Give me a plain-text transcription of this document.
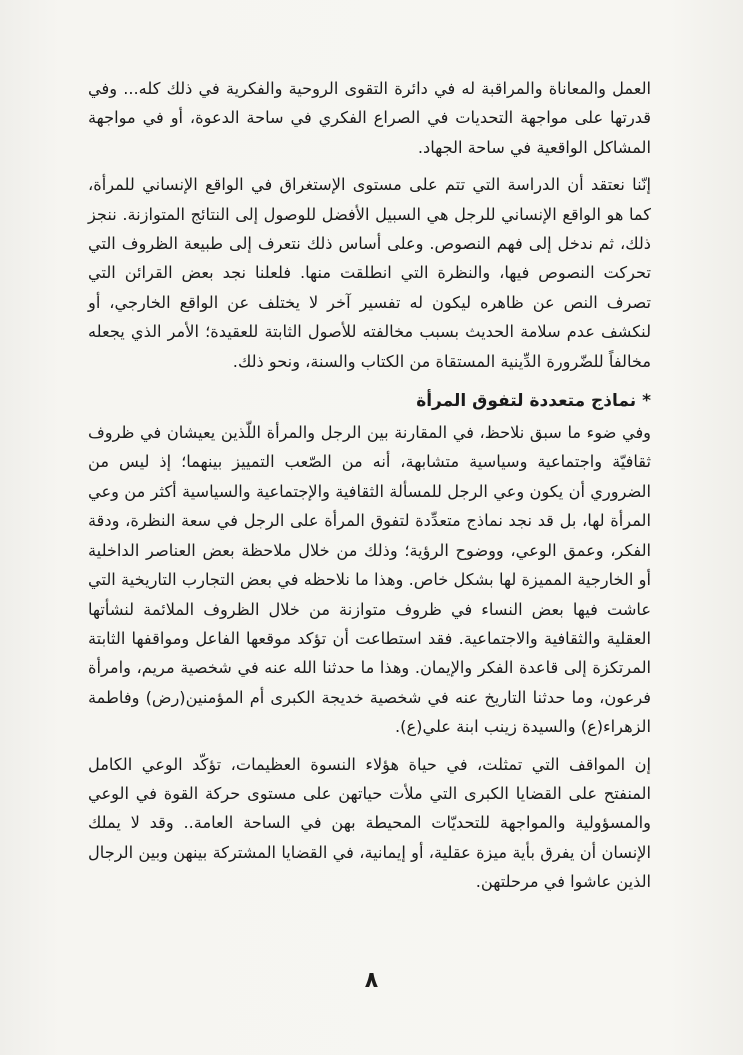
العمل والمعاناة والمراقبة له في دائرة التقوى الروحية والفكرية في ذلك كله... وفي قدرتها على مواجهة التحديات في الصراع الفكري في ساحة الدعوة، أو في مواجهة المشاكل الواقعية في ساحة الجهاد.

إنّنا نعتقد أن الدراسة التي تتم على مستوى الإستغراق في الواقع الإنساني للمرأة، كما هو الواقع الإنساني للرجل هي السبيل الأفضل للوصول إلى النتائج المتوازنة. ننجز ذلك، ثم ندخل إلى فهم النصوص. وعلى أساس ذلك نتعرف إلى طبيعة الظروف التي تحركت النصوص فيها، والنظرة التي انطلقت منها. فلعلنا نجد بعض القرائن التي تصرف النص عن ظاهره ليكون له تفسير آخر لا يختلف عن الواقع الخارجي، أو لنكشف عدم سلامة الحديث بسبب مخالفته للأصول الثابتة للعقيدة؛ الأمر الذي يجعله مخالفاً للضّرورة الدِّينية المستقاة من الكتاب والسنة، ونحو ذلك.

* نماذج متعددة لتفوق المرأة

وفي ضوء ما سبق نلاحظ، في المقارنة بين الرجل والمرأة اللّذين يعيشان في ظروف ثقافيّة واجتماعية وسياسية متشابهة، أنه من الصّعب التمييز بينهما؛ إذ ليس من الضروري أن يكون وعي الرجل للمسألة الثقافية والإجتماعية والسياسية أكثر من وعي المرأة لها، بل قد نجد نماذج متعدِّدة لتفوق المرأة على الرجل في سعة النظرة، ودقة الفكر، وعمق الوعي، ووضوح الرؤية؛ وذلك من خلال ملاحظة بعض العناصر الداخلية أو الخارجية المميزة لها بشكل خاص. وهذا ما نلاحظه في بعض التجارب التاريخية التي عاشت فيها بعض النساء في ظروف متوازنة من خلال الظروف الملائمة لنشأتها العقلية والثقافية والاجتماعية. فقد استطاعت أن تؤكد موقعها الفاعل ومواقفها الثابتة المرتكزة إلى قاعدة الفكر والإيمان. وهذا ما حدثنا الله عنه في شخصية مريم، وامرأة فرعون، وما حدثنا التاريخ عنه في شخصية خديجة الكبرى أم المؤمنين(رض) وفاطمة الزهراء(ع) والسيدة زينب ابنة علي(ع).

إن المواقف التي تمثلت، في حياة هؤلاء النسوة العظيمات، تؤكّد الوعي الكامل المنفتح على القضايا الكبرى التي ملأت حياتهن على مستوى حركة القوة في الوعي والمسؤولية والمواجهة للتحديّات المحيطة بهن في الساحة العامة.. وقد لا يملك الإنسان أن يفرق بأية ميزة عقلية، أو إيمانية، في القضايا المشتركة بينهن وبين الرجال الذين عاشوا في مرحلتهن.

٨
